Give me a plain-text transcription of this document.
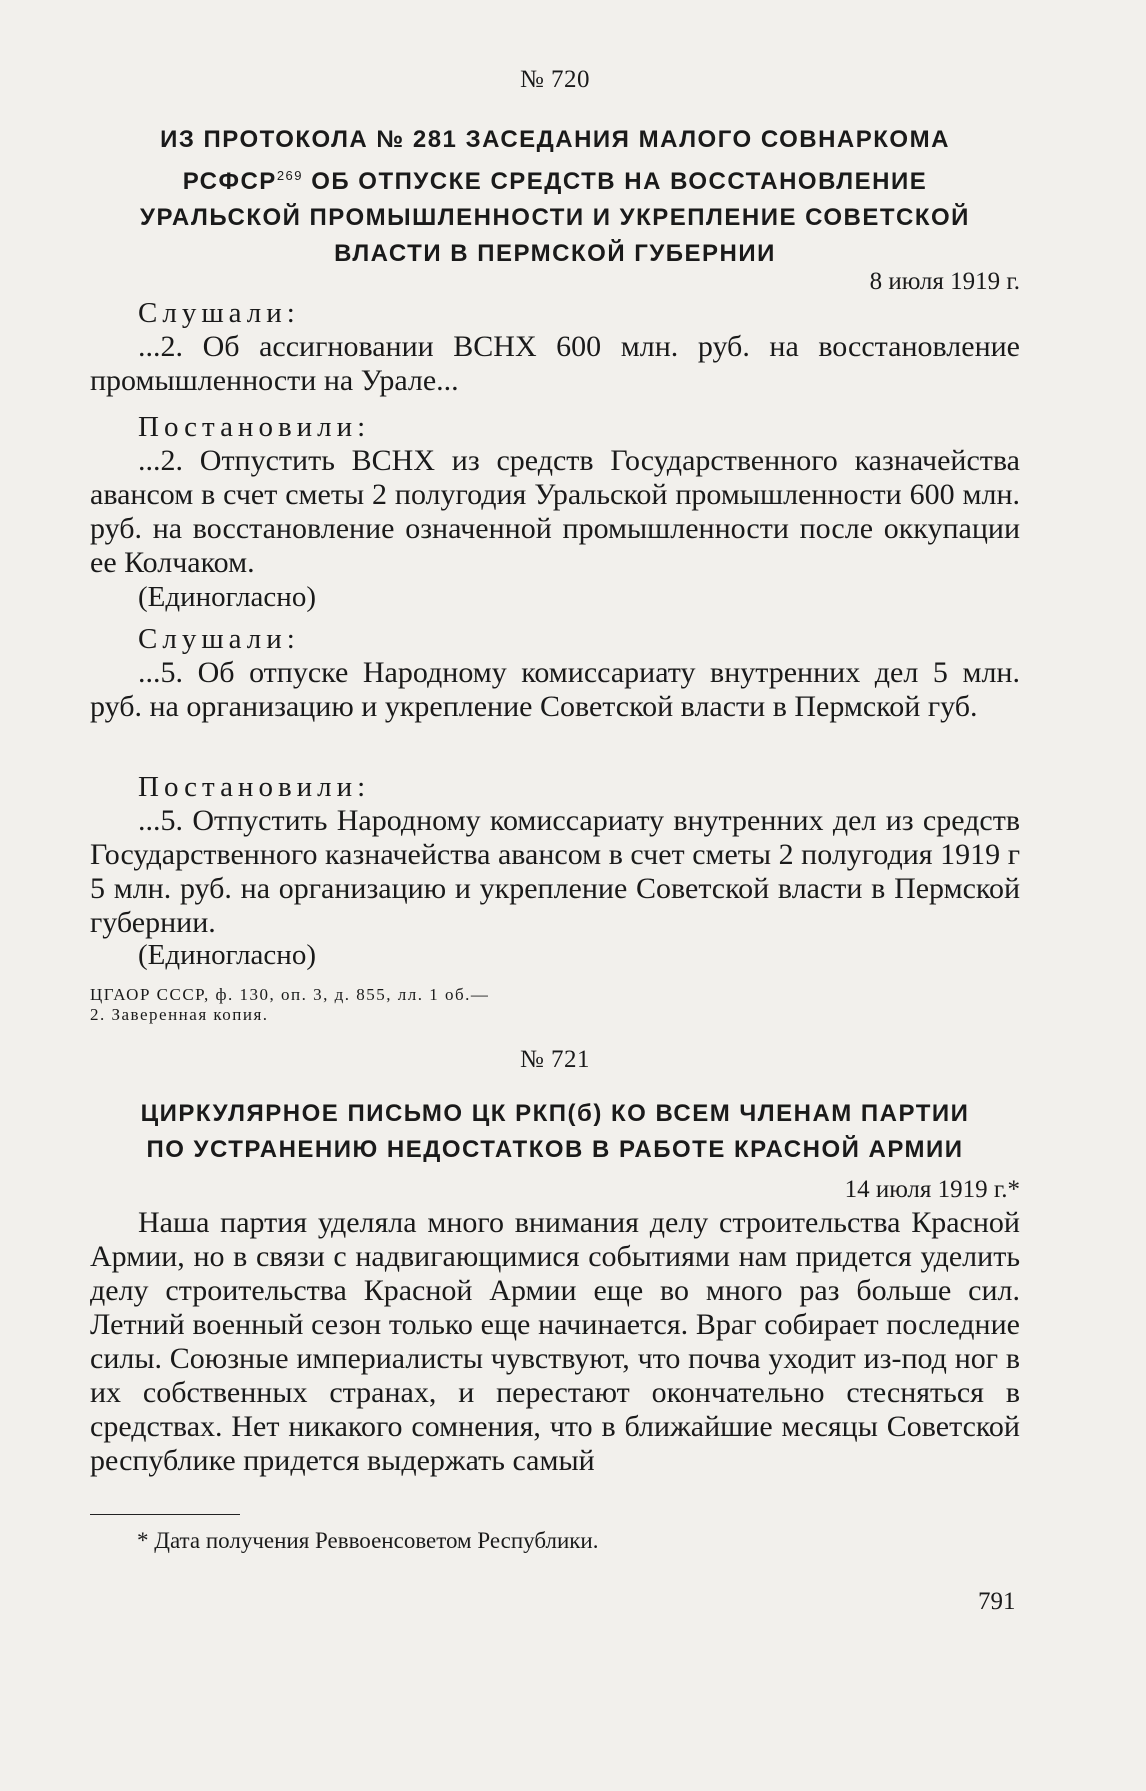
№ 720
ИЗ ПРОТОКОЛА № 281 ЗАСЕДАНИЯ МАЛОГО СОВНАРКОМА
РСФСР$^{269}$ ОБ ОТПУСКЕ СРЕДСТВ НА ВОССТАНОВЛЕНИЕ
УРАЛЬСКОЙ ПРОМЫШЛЕННОСТИ И УКРЕПЛЕНИЕ СОВЕТСКОЙ
ВЛАСТИ В ПЕРМСКОЙ ГУБЕРНИИ
8 июля 1919 г.
Слушали:

...2. Об ассигновании ВСНХ 600 млн. руб. на восстановление промышленности на Урале...

Постановили:

...2. Отпустить ВСНХ из средств Государственного казначейства авансом в счет сметы 2 полугодия Уральской промышленности 600 млн. руб. на восстановление означенной промышленности после оккупации ее Колчаком.

(Единогласно)
Слушали:

...5. Об отпуске Народному комиссариату внутренних дел 5 млн. руб. на организацию и укрепление Советской власти в Пермской губ.

Постановили:

...5. Отпустить Народному комиссариату внутренних дел из средств Государственного казначейства авансом в счет сметы 2 полугодия 1919 г 5 млн. руб. на организацию и укрепление Советской власти в Пермской губернии.

(Единогласно)
ЦГАОР СССР, ф. 130, оп. 3, д. 855, лл. 1 об.—2. Заверенная копия.
№ 721
ЦИРКУЛЯРНОЕ ПИСЬМО ЦК РКП(б) КО ВСЕМ ЧЛЕНАМ ПАРТИИ
ПО УСТРАНЕНИЮ НЕДОСТАТКОВ В РАБОТЕ КРАСНОЙ АРМИИ
14 июля 1919 г.*

Наша партия уделяла много внимания делу строительства Красной Армии, но в связи с надвигающимися событиями нам придется уделить делу строительства Красной Армии еще во много раз больше сил. Летний военный сезон только еще начинается. Враг собирает последние силы. Союзные империалисты чувствуют, что почва уходит из-под ног в их собственных странах, и перестают окончательно стесняться в средствах. Нет никакого сомнения, что в ближайшие месяцы Советской республике придется выдержать самый

* Дата получения Реввоенсоветом Республики.
791
